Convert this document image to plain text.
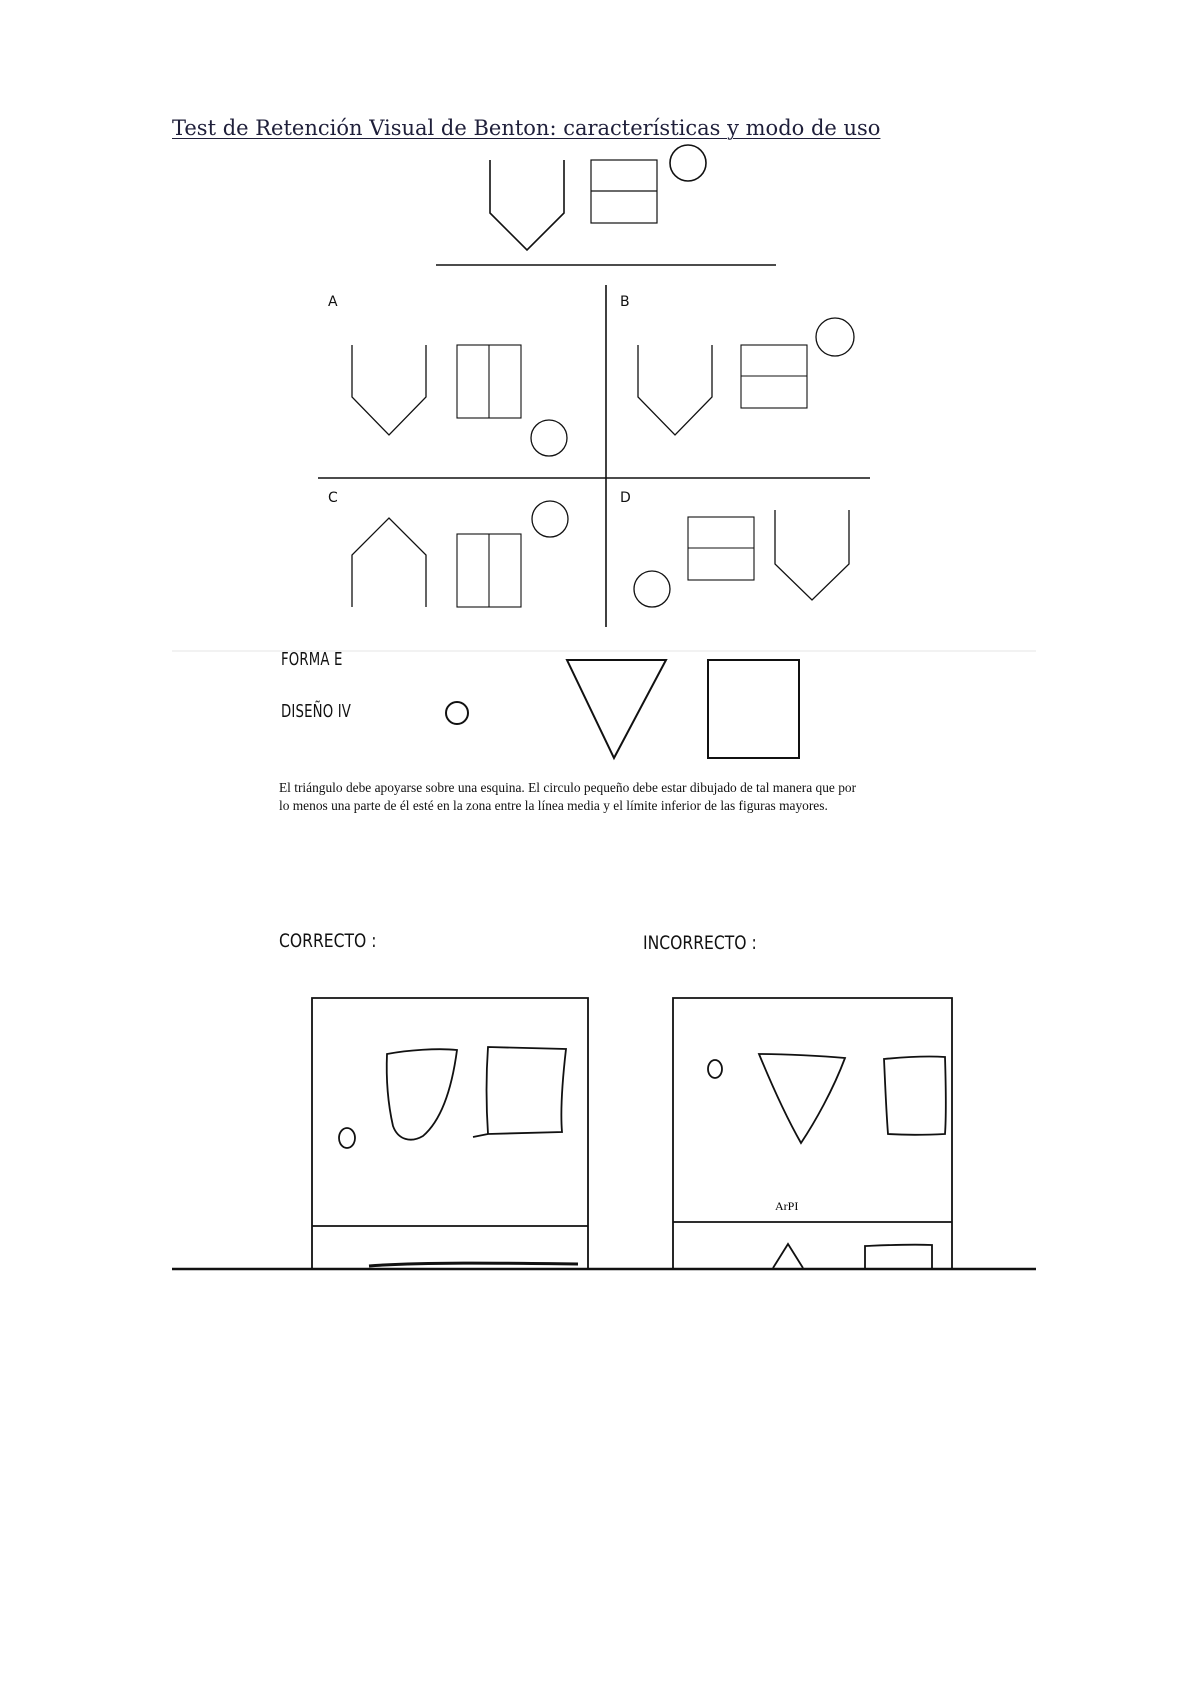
Test de Retención Visual de Benton: características y modo de uso
A	B
C	D
FORMA E
DISEÑO IV

El triángulo debe apoyarse sobre una esquina. El circulo pequeño debe estar dibujado de tal manera que por
lo menos una parte de él esté en la zona entre la línea media y el límite inferior de las figuras mayores.

CORRECTO :	INCORRECTO :
ArPI
